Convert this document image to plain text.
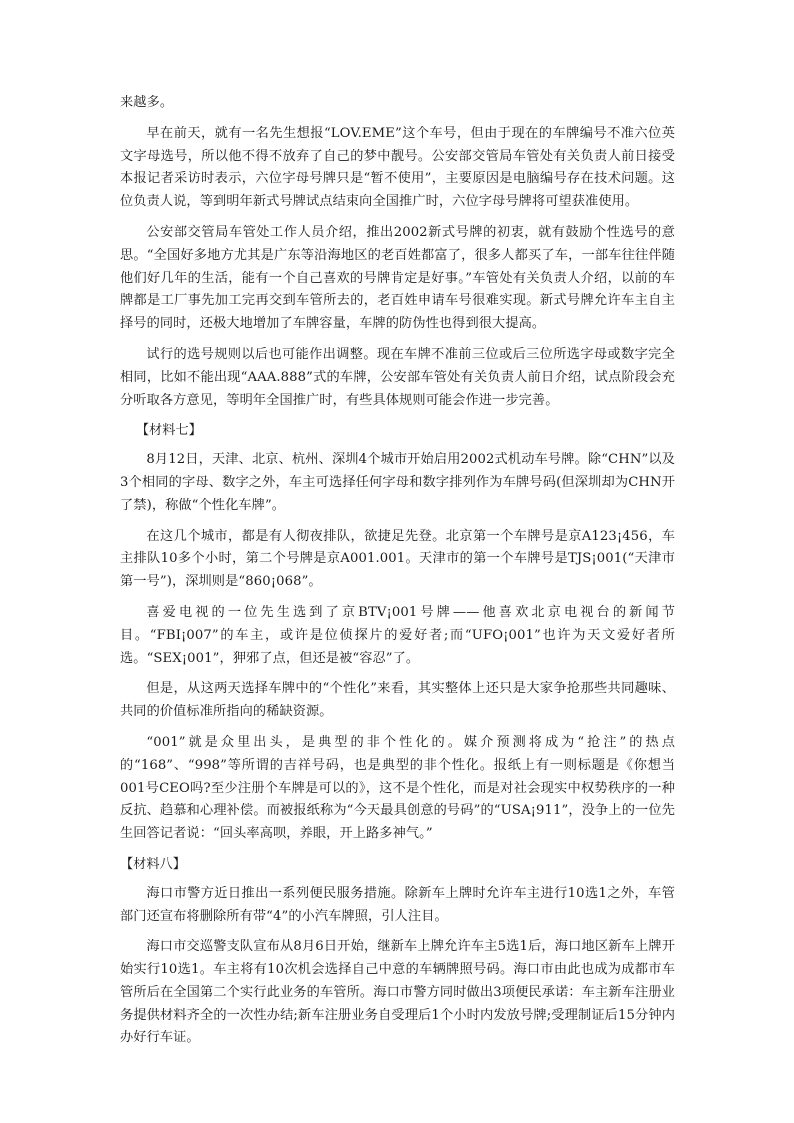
来越多。

早在前天，就有一名先生想报“LOV.EME”这个车号，但由于现在的车牌编号不准六位英文字母选号，所以他不得不放弃了自己的梦中靓号。公安部交管局车管处有关负责人前日接受本报记者采访时表示，六位字母号牌只是“暂不使用”，主要原因是电脑编号存在技术问题。这位负责人说，等到明年新式号牌试点结束向全国推广时，六位字母号牌将可望获准使用。

公安部交管局车管处工作人员介绍，推出2002新式号牌的初衷，就有鼓励个性选号的意思。“全国好多地方尤其是广东等沿海地区的老百姓都富了，很多人都买了车，一部车往往伴随他们好几年的生活，能有一个自己喜欢的号牌肯定是好事。”车管处有关负责人介绍，以前的车牌都是工厂事先加工完再交到车管所去的，老百姓申请车号很难实现。新式号牌允许车主自主择号的同时，还极大地增加了车牌容量，车牌的防伪性也得到很大提高。

试行的选号规则以后也可能作出调整。现在车牌不准前三位或后三位所选字母或数字完全相同，比如不能出现“AAA.888”式的车牌，公安部车管处有关负责人前日介绍，试点阶段会充分听取各方意见，等明年全国推广时，有些具体规则可能会作进一步完善。

【材料七】

8月12日，天津、北京、杭州、深圳4个城市开始启用2002式机动车号牌。除“CHN”以及3个相同的字母、数字之外，车主可选择任何字母和数字排列作为车牌号码(但深圳却为CHN开了禁)，称做“个性化车牌”。

在这几个城市，都是有人彻夜排队，欲捷足先登。北京第一个车牌号是京A123¡456，车主排队10多个小时，第二个号牌是京A001.001。天津市的第一个车牌号是TJS¡001(“天津市第一号”)，深圳则是“860¡068”。

喜爱电视的一位先生选到了京BTV¡001号牌——他喜欢北京电视台的新闻节目。“FBI¡007”的车主，或许是位侦探片的爱好者;而“UFO¡001”也许为天文爱好者所选。“SEX¡001”，狎邪了点，但还是被“容忍”了。

但是，从这两天选择车牌中的“个性化”来看，其实整体上还只是大家争抢那些共同趣味、共同的价值标准所指向的稀缺资源。

“001”就是众里出头，是典型的非个性化的。媒介预测将成为“抢注”的热点的“168”、“998”等所谓的吉祥号码，也是典型的非个性化。报纸上有一则标题是《你想当001号CEO吗?至少注册个车牌是可以的》，这不是个性化，而是对社会现实中权势秩序的一种反抗、趋慕和心理补偿。而被报纸称为“今天最具创意的号码”的“USA¡911”，没争上的一位先生回答记者说：“回头率高呗，养眼，开上路多神气。”

【材料八】

海口市警方近日推出一系列便民服务措施。除新车上牌时允许车主进行10选1之外，车管部门还宣布将删除所有带“4”的小汽车牌照，引人注目。

海口市交巡警支队宣布从8月6日开始，继新车上牌允许车主5选1后，海口地区新车上牌开始实行10选1。车主将有10次机会选择自己中意的车辆牌照号码。海口市由此也成为成都市车管所后在全国第二个实行此业务的车管所。海口市警方同时做出3项便民承诺：车主新车注册业务提供材料齐全的一次性办结;新车注册业务自受理后1个小时内发放号牌;受理制证后15分钟内办好行车证。
